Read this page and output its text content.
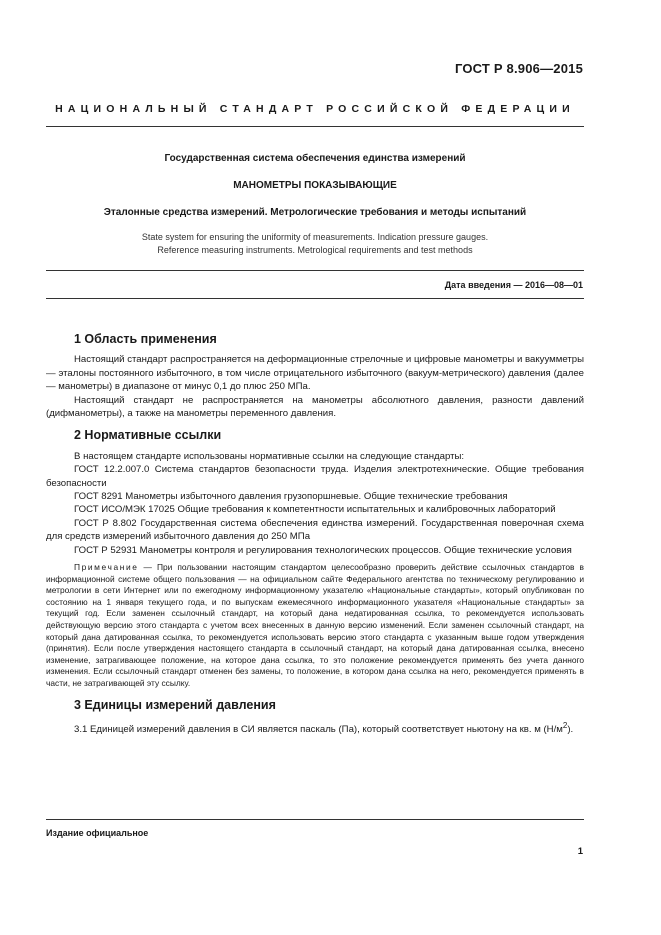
ГОСТ Р 8.906—2015
НАЦИОНАЛЬНЫЙ СТАНДАРТ РОССИЙСКОЙ ФЕДЕРАЦИИ
Государственная система обеспечения единства измерений
МАНОМЕТРЫ ПОКАЗЫВАЮЩИЕ
Эталонные средства измерений. Метрологические требования и методы испытаний
State system for ensuring the uniformity of measurements. Indication pressure gauges.
Reference measuring instruments. Metrological requirements and test methods
Дата введения — 2016—08—01
1 Область применения

Настоящий стандарт распространяется на деформационные стрелочные и цифровые манометры и вакуумметры — эталоны постоянного избыточного, в том числе отрицательного избыточного (вакуум-метрического) давления (далее — манометры) в диапазоне от минус 0,1 до плюс 250 МПа.

Настоящий стандарт не распространяется на манометры абсолютного давления, разности давлений (дифманометры), а также на манометры переменного давления.

2 Нормативные ссылки

В настоящем стандарте использованы нормативные ссылки на следующие стандарты:

ГОСТ 12.2.007.0 Система стандартов безопасности труда. Изделия электротехнические. Общие требования безопасности

ГОСТ 8291 Манометры избыточного давления грузопоршневые. Общие технические требования

ГОСТ ИСО/МЭК 17025 Общие требования к компетентности испытательных и калибровочных лабораторий

ГОСТ Р 8.802 Государственная система обеспечения единства измерений. Государственная поверочная схема для средств измерений избыточного давления до 250 МПа

ГОСТ Р 52931 Манометры контроля и регулирования технологических процессов. Общие технические условия

Примечание — При пользовании настоящим стандартом целесообразно проверить действие ссылочных стандартов в информационной системе общего пользования — на официальном сайте Федерального агентства по техническому регулированию и метрологии в сети Интернет или по ежегодному информационному указателю «Национальные стандарты», который опубликован по состоянию на 1 января текущего года, и по выпускам ежемесячного информационного указателя «Национальные стандарты» за текущий год. Если заменен ссылочный стандарт, на который дана недатированная ссылка, то рекомендуется использовать действующую версию этого стандарта с учетом всех внесенных в данную версию изменений. Если заменен ссылочный стандарт, на который дана датированная ссылка, то рекомендуется использовать версию этого стандарта с указанным выше годом утверждения (принятия). Если после утверждения настоящего стандарта в ссылочный стандарт, на который дана датированная ссылка, внесено изменение, затрагивающее положение, на которое дана ссылка, то это положение рекомендуется применять без учета данного изменения. Если ссылочный стандарт отменен без замены, то положение, в котором дана ссылка на него, рекомендуется применять в части, не затрагивающей эту ссылку.
3 Единицы измерений давления

3.1 Единицей измерений давления в СИ является паскаль (Па), который соответствует ньютону на кв. м $(Н/м^2)$.

Издание официальное
1
